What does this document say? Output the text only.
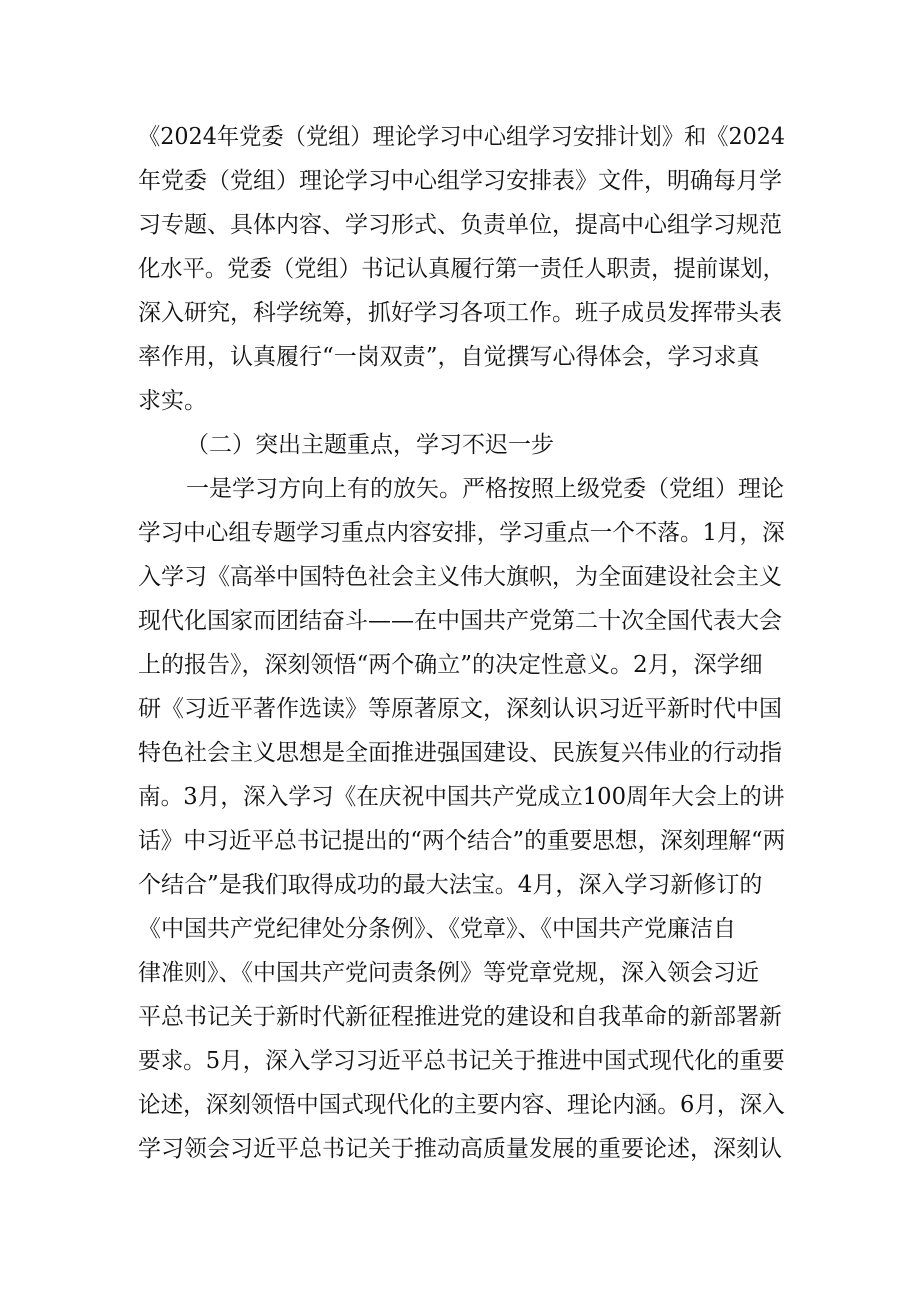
《2024年党委（党组）理论学习中心组学习安排计划》和《2024
年党委（党组）理论学习中心组学习安排表》文件，明确每月学
习专题、具体内容、学习形式、负责单位，提高中心组学习规范
化水平。党委（党组）书记认真履行第一责任人职责，提前谋划，
深入研究，科学统筹，抓好学习各项工作。班子成员发挥带头表
率作用，认真履行“一岗双责”，自觉撰写心得体会，学习求真
求实。
（二）突出主题重点，学习不迟一步
一是学习方向上有的放矢。严格按照上级党委（党组）理论
学习中心组专题学习重点内容安排，学习重点一个不落。1月，深
入学习《高举中国特色社会主义伟大旗帜，为全面建设社会主义
现代化国家而团结奋斗——在中国共产党第二十次全国代表大会
上的报告》，深刻领悟“两个确立”的决定性意义。2月，深学细
研《习近平著作选读》等原著原文，深刻认识习近平新时代中国
特色社会主义思想是全面推进强国建设、民族复兴伟业的行动指
南。3月，深入学习《在庆祝中国共产党成立100周年大会上的讲
话》中习近平总书记提出的“两个结合”的重要思想，深刻理解“两
个结合”是我们取得成功的最大法宝。4月，深入学习新修订的
《中国共产党纪律处分条例》、《党章》、《中国共产党廉洁自
律准则》、《中国共产党问责条例》等党章党规，深入领会习近
平总书记关于新时代新征程推进党的建设和自我革命的新部署新
要求。5月，深入学习习近平总书记关于推进中国式现代化的重要
论述，深刻领悟中国式现代化的主要内容、理论内涵。6月，深入
学习领会习近平总书记关于推动高质量发展的重要论述，深刻认
